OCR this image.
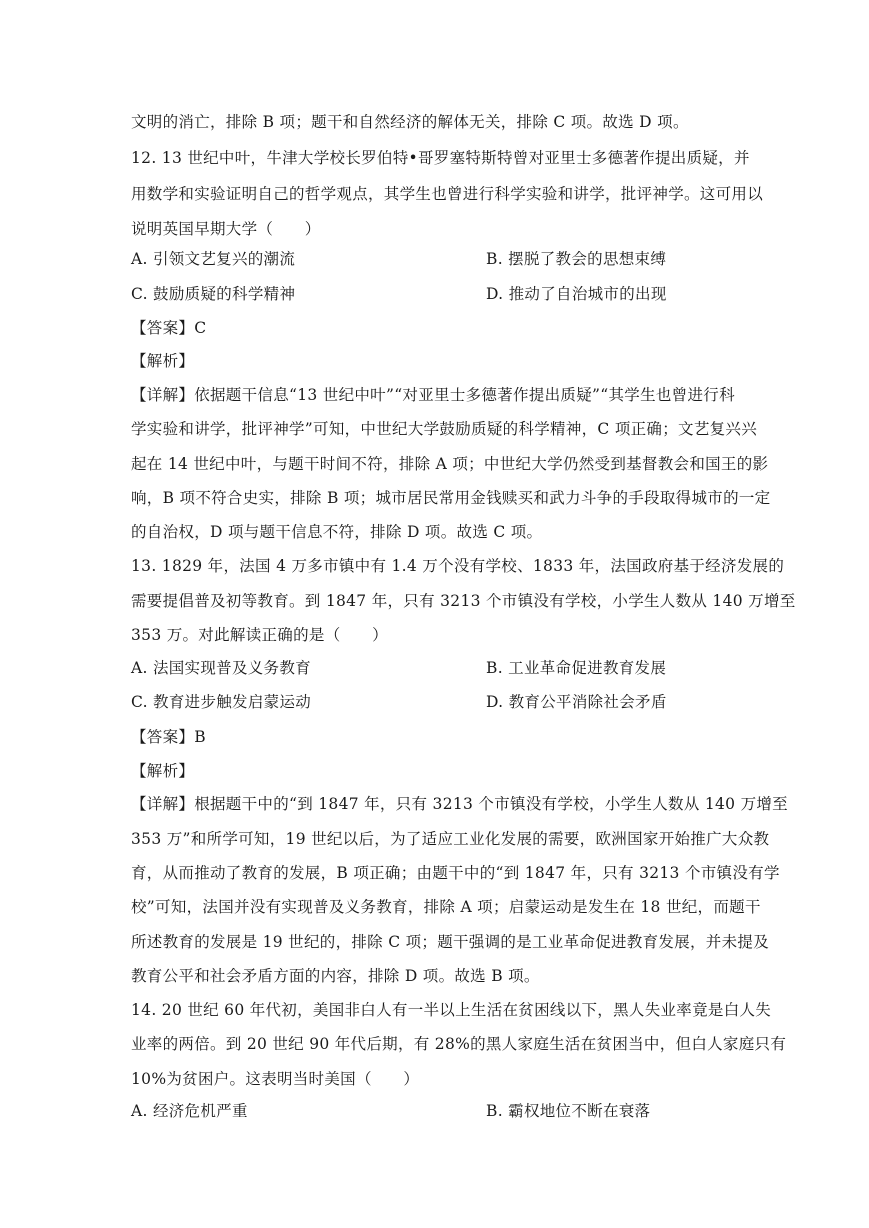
文明的消亡，排除 B 项；题干和自然经济的解体无关，排除 C 项。故选 D 项。
12. 13 世纪中叶，牛津大学校长罗伯特•哥罗塞特斯特曾对亚里士多德著作提出质疑，并
用数学和实验证明自己的哲学观点，其学生也曾进行科学实验和讲学，批评神学。这可用以
说明英国早期大学（　　）
A. 引领文艺复兴的潮流	B. 摆脱了教会的思想束缚
C. 鼓励质疑的科学精神	D. 推动了自治城市的出现
【答案】C
【解析】
【详解】依据题干信息“13 世纪中叶”“对亚里士多德著作提出质疑”“其学生也曾进行科
学实验和讲学，批评神学”可知，中世纪大学鼓励质疑的科学精神，C 项正确；文艺复兴兴
起在 14 世纪中叶，与题干时间不符，排除 A 项；中世纪大学仍然受到基督教会和国王的影
响，B 项不符合史实，排除 B 项；城市居民常用金钱赎买和武力斗争的手段取得城市的一定
的自治权，D 项与题干信息不符，排除 D 项。故选 C 项。
13. 1829 年，法国 4 万多市镇中有 1.4 万个没有学校、1833 年，法国政府基于经济发展的
需要提倡普及初等教育。到 1847 年，只有 3213 个市镇没有学校，小学生人数从 140 万增至
353 万。对此解读正确的是（　　）
A. 法国实现普及义务教育	B. 工业革命促进教育发展
C. 教育进步触发启蒙运动	D. 教育公平消除社会矛盾
【答案】B
【解析】
【详解】根据题干中的“到 1847 年，只有 3213 个市镇没有学校，小学生人数从 140 万增至
353 万”和所学可知，19 世纪以后，为了适应工业化发展的需要，欧洲国家开始推广大众教
育，从而推动了教育的发展，B 项正确；由题干中的“到 1847 年，只有 3213 个市镇没有学
校”可知，法国并没有实现普及义务教育，排除 A 项；启蒙运动是发生在 18 世纪，而题干
所述教育的发展是 19 世纪的，排除 C 项；题干强调的是工业革命促进教育发展，并未提及
教育公平和社会矛盾方面的内容，排除 D 项。故选 B 项。
14. 20 世纪 60 年代初，美国非白人有一半以上生活在贫困线以下，黑人失业率竟是白人失
业率的两倍。到 20 世纪 90 年代后期，有 28%的黑人家庭生活在贫困当中，但白人家庭只有
10%为贫困户。这表明当时美国（　　）
A. 经济危机严重	B. 霸权地位不断在衰落
